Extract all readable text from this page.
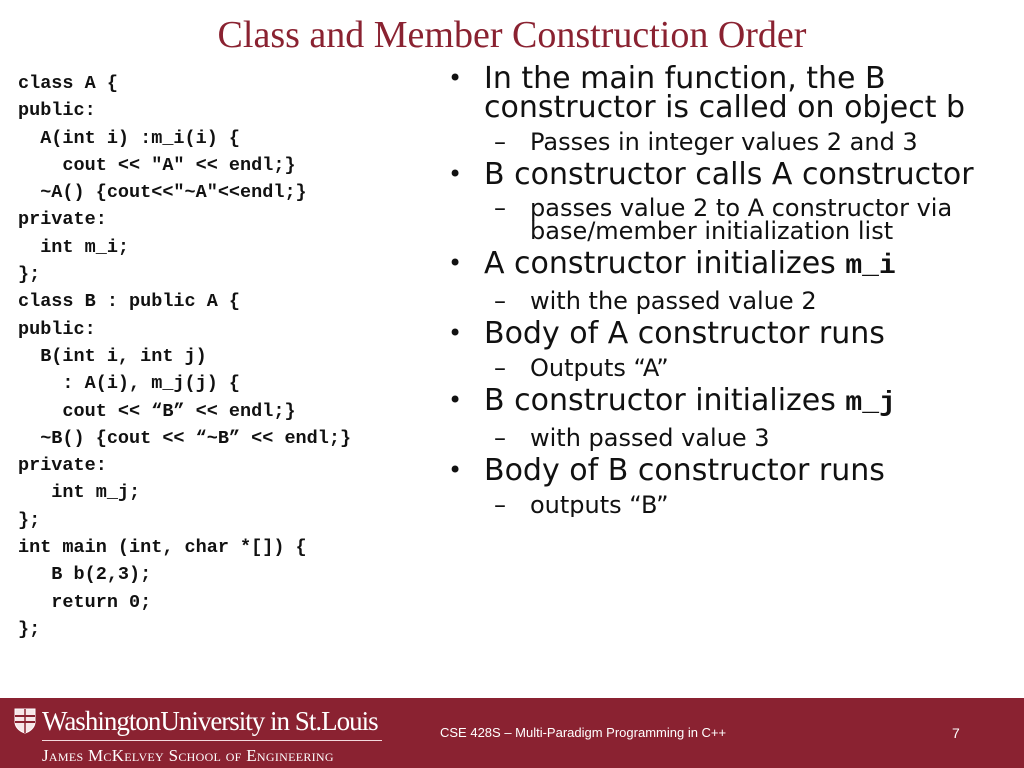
Class and Member Construction Order
class A {
public:
A(int i) :m_i(i) {
cout << "A" << endl;}
~A() {cout<<"~A"<<endl;}
private:
int m_i;
};
class B : public A {
public:
B(int i, int j)
: A(i), m_j(j) {
cout << “B” << endl;}
~B() {cout << “~B” << endl;}
private:
int m_j;
};
int main (int, char *[]) {
B b(2,3);
return 0;
};
• In the main function, the B constructor is called on object b
– Passes in integer values 2 and 3
• B constructor calls A constructor
– passes value 2 to A constructor via base/member initialization list
• A constructor initializes m_i
– with the passed value 2
• Body of A constructor runs
– Outputs “A”
• B constructor initializes m_j
– with passed value 3
• Body of B constructor runs
– outputs “B”
WashingtonUniversity in St.Louis
James McKelvey School of Engineering
CSE 428S – Multi-Paradigm Programming in C++	7
